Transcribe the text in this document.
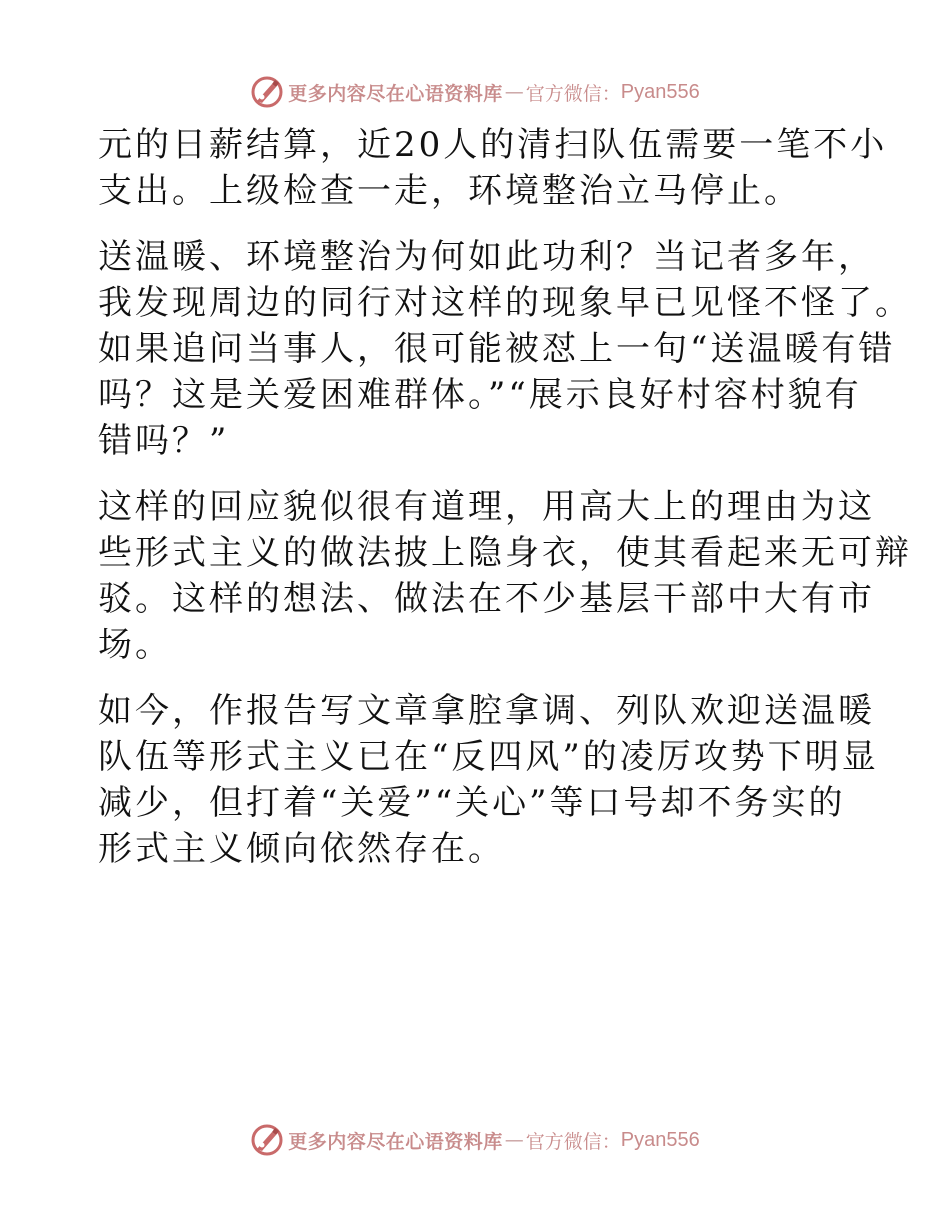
更多内容尽在心语资料库 — 官方微信： Pyan556

元的日薪结算，近20人的清扫队伍需要一笔不小
支出。上级检查一走，环境整治立马停止。

送温暖、环境整治为何如此功利？当记者多年，
我发现周边的同行对这样的现象早已见怪不怪了。
如果追问当事人，很可能被怼上一句“送温暖有错
吗？这是关爱困难群体。”“展示良好村容村貌有
错吗？”

这样的回应貌似很有道理，用高大上的理由为这
些形式主义的做法披上隐身衣，使其看起来无可辩
驳。这样的想法、做法在不少基层干部中大有市
场。

如今，作报告写文章拿腔拿调、列队欢迎送温暖
队伍等形式主义已在“反四风”的凌厉攻势下明显
减少，但打着“关爱”“关心”等口号却不务实的
形式主义倾向依然存在。

更多内容尽在心语资料库 — 官方微信： Pyan556
